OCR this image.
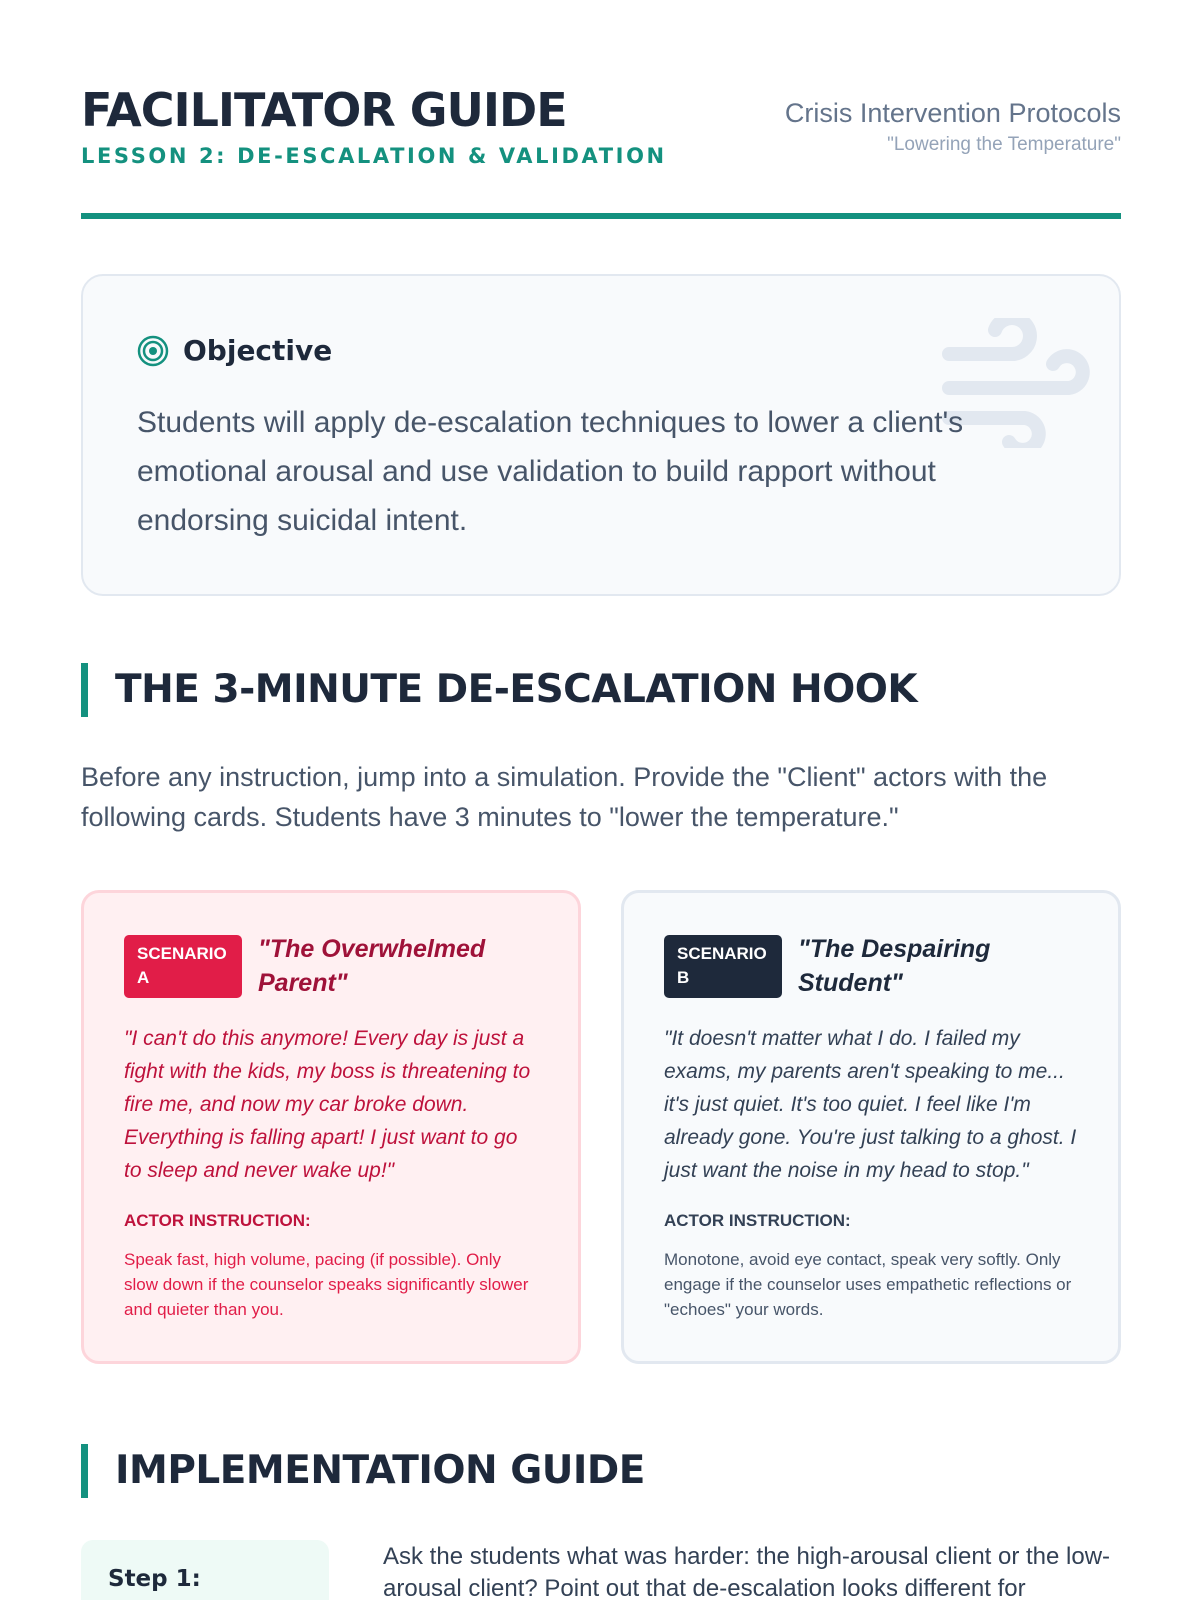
FACILITATOR GUIDE
LESSON 2: DE-ESCALATION & VALIDATION
Crisis Intervention Protocols
"Lowering the Temperature"
Objective
Students will apply de-escalation techniques to lower a client's emotional arousal and use validation to build rapport without endorsing suicidal intent.
THE 3-MINUTE DE-ESCALATION HOOK
Before any instruction, jump into a simulation. Provide the "Client" actors with the following cards. Students have 3 minutes to "lower the temperature."
SCENARIO
A
"The Overwhelmed Parent"
"I can't do this anymore! Every day is just a fight with the kids, my boss is threatening to fire me, and now my car broke down. Everything is falling apart! I just want to go to sleep and never wake up!"
ACTOR INSTRUCTION:
Speak fast, high volume, pacing (if possible). Only slow down if the counselor speaks significantly slower and quieter than you.
SCENARIO
B
"The Despairing Student"
"It doesn't matter what I do. I failed my exams, my parents aren't speaking to me... it's just quiet. It's too quiet. I feel like I'm already gone. You're just talking to a ghost. I just want the noise in my head to stop."
ACTOR INSTRUCTION:
Monotone, avoid eye contact, speak very softly. Only engage if the counselor uses empathetic reflections or "echoes" your words.
IMPLEMENTATION GUIDE
Step 1:
Ask the students what was harder: the high-arousal client or the low-arousal client? Point out that de-escalation looks different for
